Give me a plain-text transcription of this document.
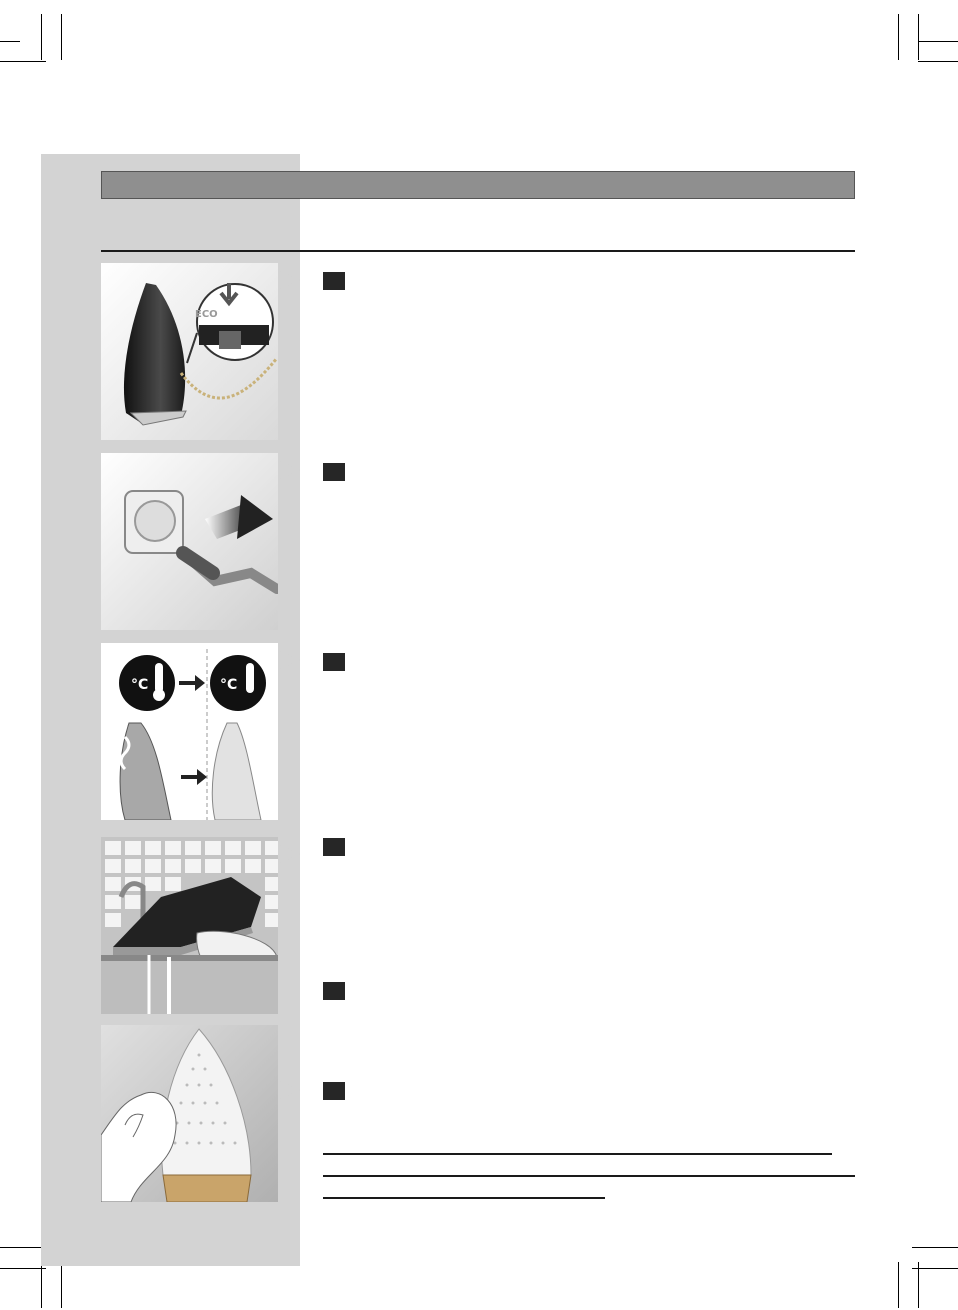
ECO
°C	°C
